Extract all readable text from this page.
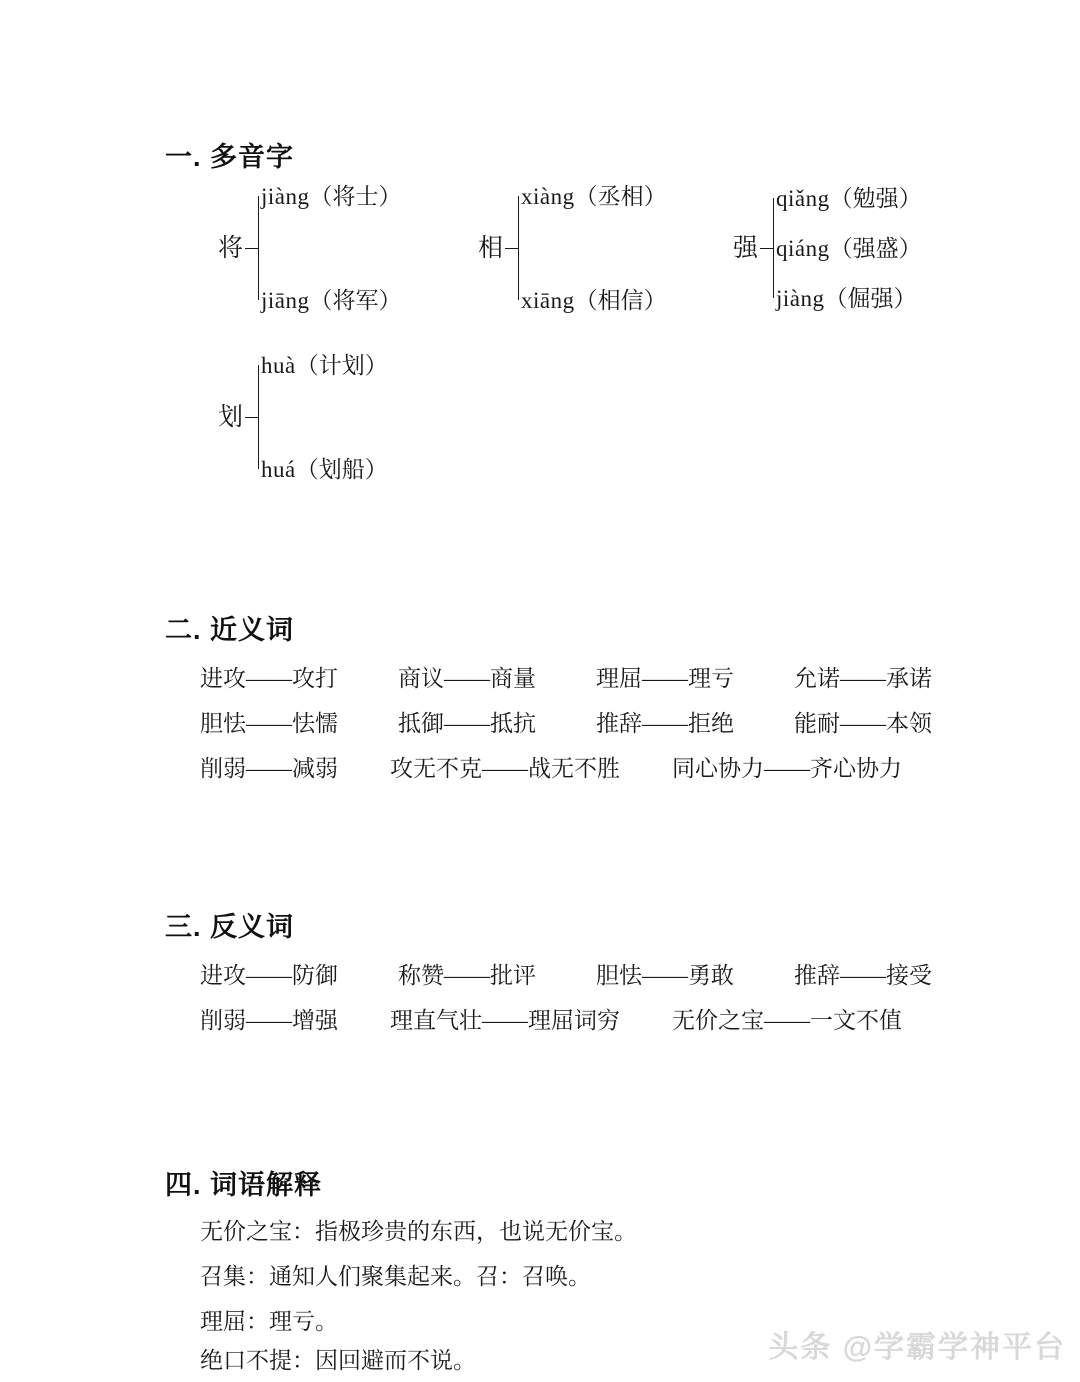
一. 多音字
将
jiàng（将士）
jiāng（将军）
相
xiàng（丞相）
xiāng（相信）
强
qiǎng（勉强）
qiáng（强盛）
jiàng（倔强）
划
huà（计划）
huá（划船）
二. 近义词
进攻——攻打	商议——商量	理屈——理亏	允诺——承诺
胆怯——怯懦	抵御——抵抗	推辞——拒绝	能耐——本领
削弱——减弱 攻无不克——战无不胜 同心协力——齐心协力
三. 反义词
进攻——防御	称赞——批评	胆怯——勇敢	推辞——接受
削弱——增强 理直气壮——理屈词穷 无价之宝——一文不值
四. 词语解释
无价之宝：指极珍贵的东西，也说无价宝。
召集：通知人们聚集起来。召：召唤。
理屈：理亏。
绝口不提：因回避而不说。	头条 @学霸学神平台
